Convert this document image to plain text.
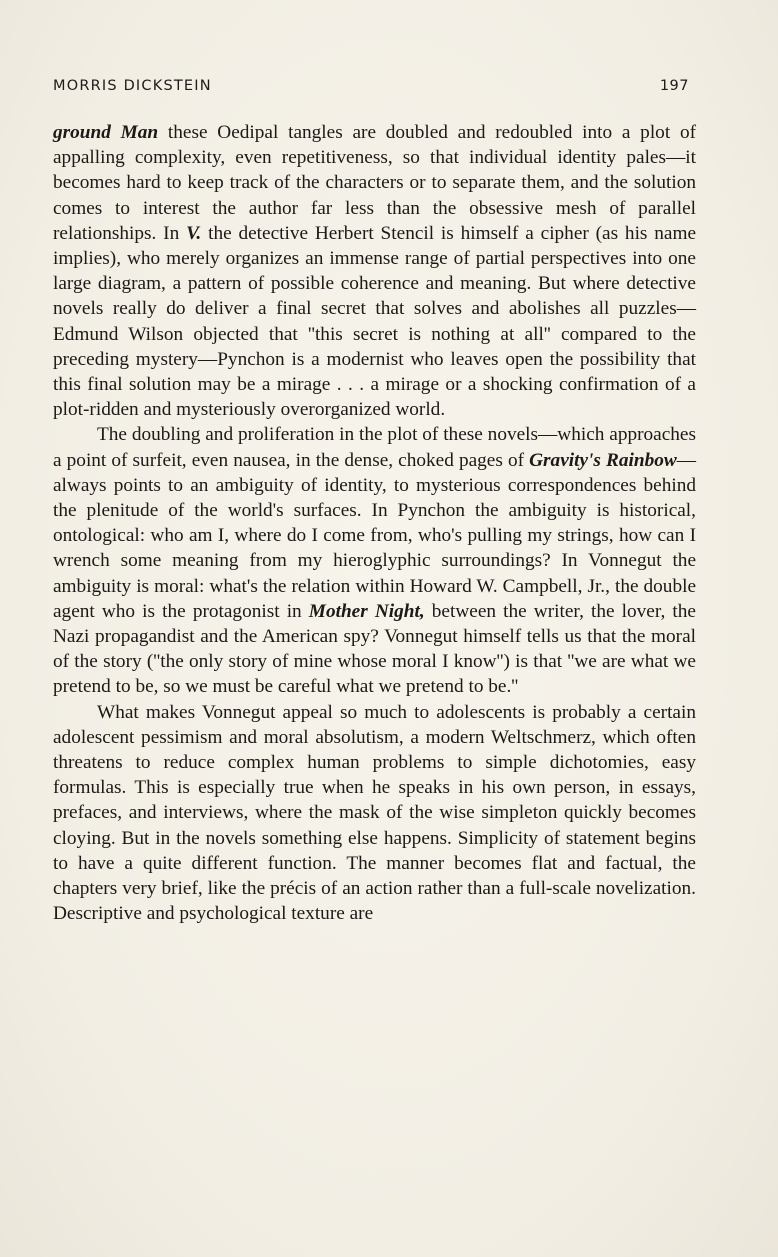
MORRIS DICKSTEIN	197

ground Man these Oedipal tangles are doubled and redoubled into a plot of appalling complexity, even repetitiveness, so that individual identity pales—it becomes hard to keep track of the characters or to separate them, and the solution comes to interest the author far less than the obsessive mesh of parallel relationships. In V. the detective Herbert Stencil is himself a cipher (as his name implies), who merely organizes an immense range of partial perspectives into one large diagram, a pattern of possible coherence and meaning. But where detective novels really do deliver a final secret that solves and abolishes all puzzles—Edmund Wilson objected that ''this secret is nothing at all'' compared to the preceding mystery—Pynchon is a modernist who leaves open the possibility that this final solution may be a mirage . . . a mirage or a shocking confirmation of a plot-ridden and mysteriously overorganized world.

The doubling and proliferation in the plot of these novels—which approaches a point of surfeit, even nausea, in the dense, choked pages of Gravity's Rainbow—always points to an ambiguity of identity, to mysterious correspondences behind the plenitude of the world's surfaces. In Pynchon the ambiguity is historical, ontological: who am I, where do I come from, who's pulling my strings, how can I wrench some meaning from my hieroglyphic surroundings? In Vonnegut the ambiguity is moral: what's the relation within Howard W. Campbell, Jr., the double agent who is the protagonist in Mother Night, between the writer, the lover, the Nazi propagandist and the American spy? Vonnegut himself tells us that the moral of the story (''the only story of mine whose moral I know'') is that ''we are what we pretend to be, so we must be careful what we pretend to be.''

What makes Vonnegut appeal so much to adolescents is probably a certain adolescent pessimism and moral absolutism, a modern Weltschmerz, which often threatens to reduce complex human problems to simple dichotomies, easy formulas. This is especially true when he speaks in his own person, in essays, prefaces, and interviews, where the mask of the wise simpleton quickly becomes cloying. But in the novels something else happens. Simplicity of statement begins to have a quite different function. The manner becomes flat and factual, the chapters very brief, like the précis of an action rather than a full-scale novelization. Descriptive and psychological texture are
